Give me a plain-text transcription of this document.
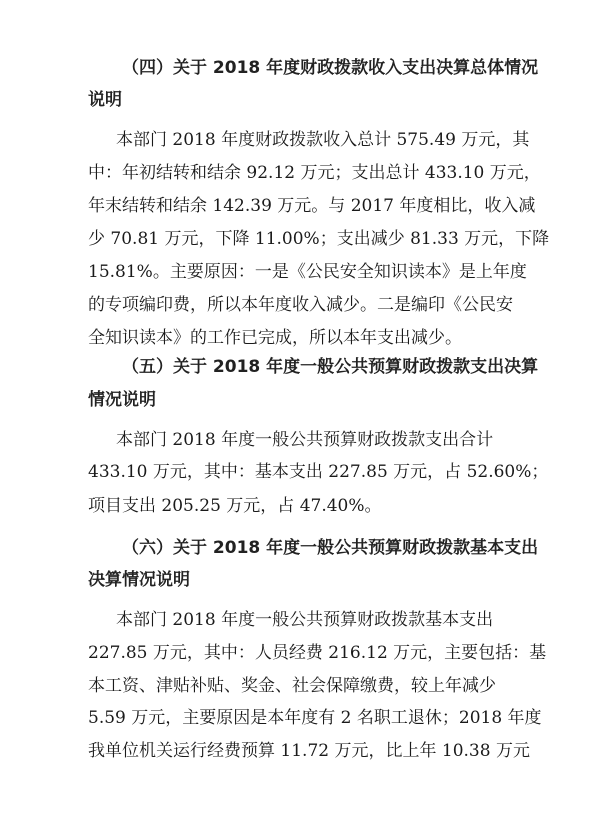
（四）关于 2018 年度财政拨款收入支出决算总体情况
说明
本部门 2018 年度财政拨款收入总计 575.49 万元，其
中：年初结转和结余 92.12 万元；支出总计 433.10 万元，
年末结转和结余 142.39 万元。与 2017 年度相比，收入减
少 70.81 万元，下降 11.00%；支出减少 81.33 万元，下降
15.81%。主要原因：一是《公民安全知识读本》是上年度
的专项编印费，所以本年度收入减少。二是编印《公民安
全知识读本》的工作已完成，所以本年支出减少。
（五）关于 2018 年度一般公共预算财政拨款支出决算
情况说明
本部门 2018 年度一般公共预算财政拨款支出合计
433.10 万元，其中：基本支出 227.85 万元，占 52.60%；
项目支出 205.25 万元，占 47.40%。
（六）关于 2018 年度一般公共预算财政拨款基本支出
决算情况说明
本部门 2018 年度一般公共预算财政拨款基本支出
227.85 万元，其中：人员经费 216.12 万元，主要包括：基
本工资、津贴补贴、奖金、社会保障缴费，较上年减少
5.59 万元，主要原因是本年度有 2 名职工退休；2018 年度
我单位机关运行经费预算 11.72 万元，比上年 10.38 万元
